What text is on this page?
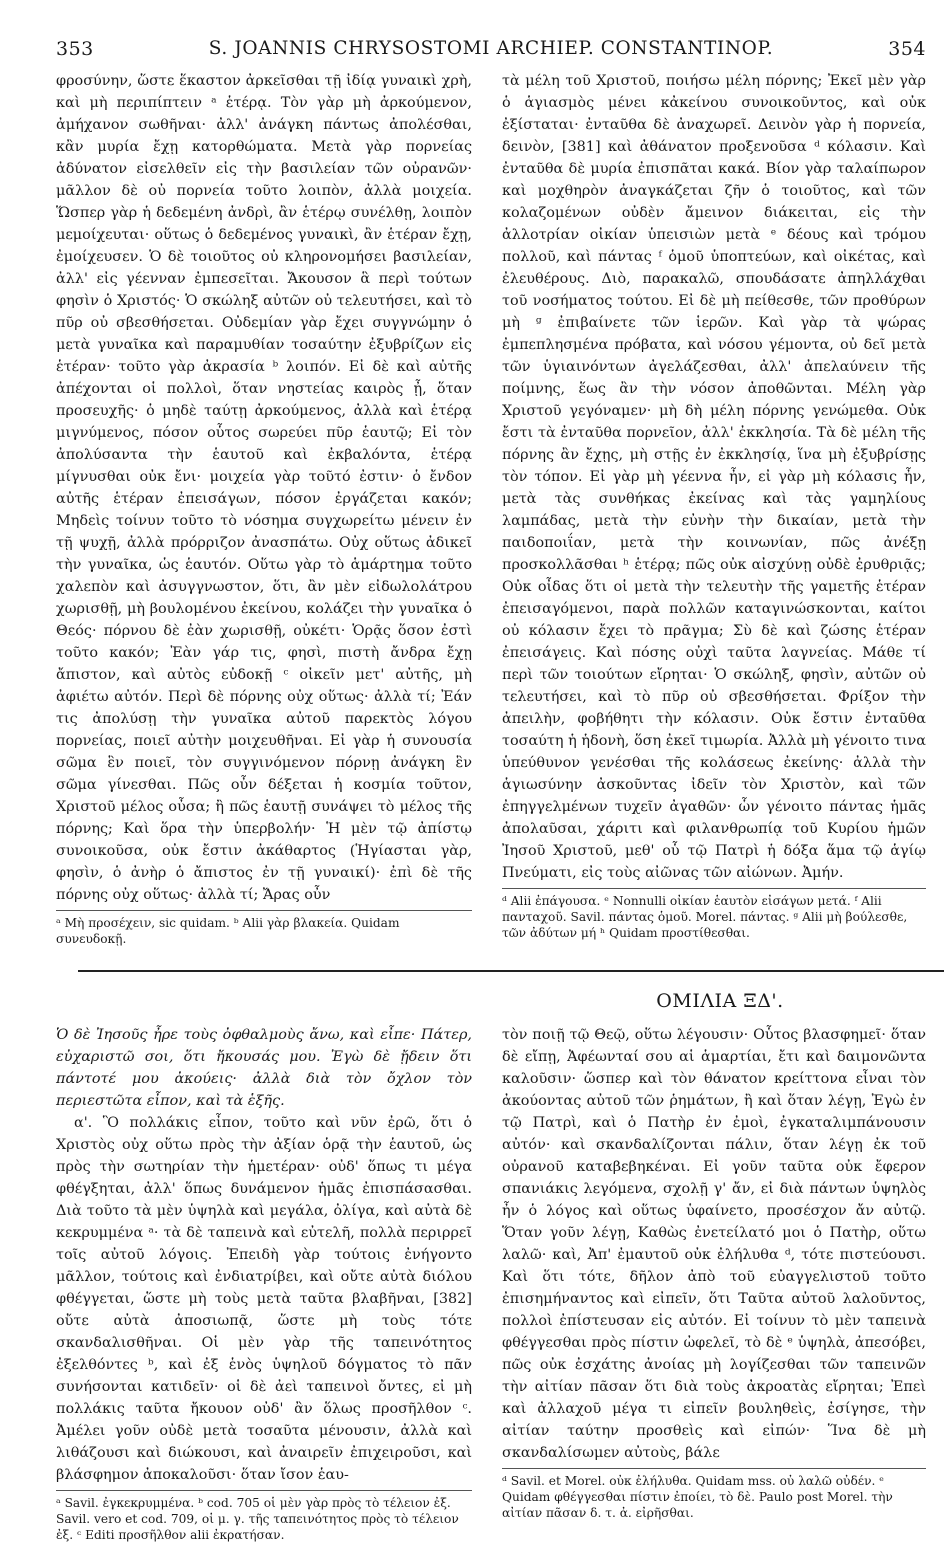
353	S. JOANNIS CHRYSOSTOMI ARCHIEP. CONSTANTINOP.	354

φροσύνην, ὥστε ἕκαστον ἀρκεῖσθαι τῇ ἰδίᾳ γυναικὶ χρὴ, καὶ μὴ περιπίπτειν ᵃ ἑτέρᾳ. Τὸν γὰρ μὴ ἀρκούμενον, ἀμήχανον σωθῆναι· ἀλλ' ἀνάγκη πάντως ἀπολέσθαι, κἂν μυρία ἔχῃ κατορθώματα. Μετὰ γὰρ πορνείας ἀδύνατον εἰσελθεῖν εἰς τὴν βασιλείαν τῶν οὐρανῶν· μᾶλλον δὲ οὐ πορνεία τοῦτο λοιπὸν, ἀλλὰ μοιχεία. Ὥσπερ γὰρ ἡ δεδεμένη ἀνδρὶ, ἂν ἑτέρῳ συνέλθῃ, λοιπὸν μεμοίχευται· οὕτως ὁ δεδεμένος γυναικὶ, ἂν ἑτέραν ἔχῃ, ἐμοίχευσεν. Ὁ δὲ τοιοῦτος οὐ κληρονομήσει βασιλείαν, ἀλλ' εἰς γέενναν ἐμπεσεῖται. Ἄκουσον ἃ περὶ τούτων φησὶν ὁ Χριστός· Ὁ σκώληξ αὐτῶν οὐ τελευτήσει, καὶ τὸ πῦρ οὐ σβεσθήσεται. Οὐδεμίαν γὰρ ἔχει συγγνώμην ὁ μετὰ γυναῖκα καὶ παραμυθίαν τοσαύτην ἐξυβρίζων εἰς ἑτέραν· τοῦτο γὰρ ἀκρασία ᵇ λοιπόν. Εἰ δὲ καὶ αὐτῆς ἀπέχονται οἱ πολλοὶ, ὅταν νηστείας καιρὸς ᾖ, ὅταν προσευχῆς· ὁ μηδὲ ταύτῃ ἀρκούμενος, ἀλλὰ καὶ ἑτέρᾳ μιγνύμενος, πόσον οὗτος σωρεύει πῦρ ἑαυτῷ; Εἰ τὸν ἀπολύσαντα τὴν ἑαυτοῦ καὶ ἐκβαλόντα, ἑτέρᾳ μίγνυσθαι οὐκ ἔνι· μοιχεία γὰρ τοῦτό ἐστιν· ὁ ἔνδον αὐτῆς ἑτέραν ἐπεισάγων, πόσον ἐργάζεται κακόν; Μηδεὶς τοίνυν τοῦτο τὸ νόσημα συγχωρείτω μένειν ἐν τῇ ψυχῇ, ἀλλὰ πρόρριζον ἀνασπάτω. Οὐχ οὕτως ἀδικεῖ τὴν γυναῖκα, ὡς ἑαυτόν. Οὕτω γὰρ τὸ ἁμάρτημα τοῦτο χαλεπὸν καὶ ἀσυγγνωστον, ὅτι, ἂν μὲν εἰδωλολάτρου χωρισθῇ, μὴ βουλομένου ἐκείνου, κολάζει τὴν γυναῖκα ὁ Θεός· πόρνου δὲ ἐὰν χωρισθῇ, οὐκέτι· Ὁρᾷς ὅσον ἐστὶ τοῦτο κακόν; Ἐὰν γάρ τις, φησὶ, πιστὴ ἄνδρα ἔχῃ ἄπιστον, καὶ αὐτὸς εὐδοκῇ ᶜ οἰκεῖν μετ' αὐτῆς, μὴ ἀφιέτω αὐτόν. Περὶ δὲ πόρνης οὐχ οὕτως· ἀλλὰ τί; Ἐάν τις ἀπολύσῃ τὴν γυναῖκα αὐτοῦ παρεκτὸς λόγου πορνείας, ποιεῖ αὐτὴν μοιχευθῆναι. Εἰ γὰρ ἡ συνουσία σῶμα ἓν ποιεῖ, τὸν συγγινόμενον πόρνῃ ἀνάγκη ἓν σῶμα γίνεσθαι. Πῶς οὖν δέξεται ἡ κοσμία τοῦτον, Χριστοῦ μέλος οὖσα; ἢ πῶς ἑαυτῇ συνάψει τὸ μέλος τῆς πόρνης; Καὶ ὅρα τὴν ὑπερβολήν· Ἡ μὲν τῷ ἀπίστῳ συνοικοῦσα, οὐκ ἔστιν ἀκάθαρτος (Ἡγίασται γὰρ, φησὶν, ὁ ἀνὴρ ὁ ἄπιστος ἐν τῇ γυναικί)· ἐπὶ δὲ τῆς πόρνης οὐχ οὕτως· ἀλλὰ τί; Ἄρας οὖν

ᵃ Μὴ προσέχειν, sic quidam. ᵇ Alii γὰρ βλακεία. Quidam συνευδοκῇ.

τὰ μέλη τοῦ Χριστοῦ, ποιήσω μέλη πόρνης; Ἐκεῖ μὲν γὰρ ὁ ἁγιασμὸς μένει κἀκείνου συνοικοῦντος, καὶ οὐκ ἐξίσταται· ἐνταῦθα δὲ ἀναχωρεῖ. Δεινὸν γὰρ ἡ πορνεία, δεινὸν, [381] καὶ ἀθάνατον προξενοῦσα ᵈ κόλασιν. Καὶ ἐνταῦθα δὲ μυρία ἐπισπᾶται κακά. Βίον γὰρ ταλαίπωρον καὶ μοχθηρὸν ἀναγκάζεται ζῆν ὁ τοιοῦτος, καὶ τῶν κολαζομένων οὐδὲν ἄμεινον διάκειται, εἰς τὴν ἀλλοτρίαν οἰκίαν ὑπεισιὼν μετὰ ᵉ δέους καὶ τρόμου πολλοῦ, καὶ πάντας ᶠ ὁμοῦ ὑποπτεύων, καὶ οἰκέτας, καὶ ἐλευθέρους. Διὸ, παρακαλῶ, σπουδάσατε ἀπηλλάχθαι τοῦ νοσήματος τούτου. Εἰ δὲ μὴ πείθεσθε, τῶν προθύρων μὴ ᵍ ἐπιβαίνετε τῶν ἱερῶν. Καὶ γὰρ τὰ ψώρας ἐμπεπλησμένα πρόβατα, καὶ νόσου γέμοντα, οὐ δεῖ μετὰ τῶν ὑγιαινόντων ἀγελάζεσθαι, ἀλλ' ἀπελαύνειν τῆς ποίμνης, ἕως ἂν τὴν νόσον ἀποθῶνται. Μέλη γὰρ Χριστοῦ γεγόναμεν· μὴ δὴ μέλη πόρνης γενώμεθα. Οὐκ ἔστι τὰ ἐνταῦθα πορνεῖον, ἀλλ' ἐκκλησία. Τὰ δὲ μέλη τῆς πόρνης ἂν ἔχῃς, μὴ στῇς ἐν ἐκκλησίᾳ, ἵνα μὴ ἐξυβρίσῃς τὸν τόπον. Εἰ γὰρ μὴ γέεννα ἦν, εἰ γὰρ μὴ κόλασις ἦν, μετὰ τὰς συνθήκας ἐκείνας καὶ τὰς γαμηλίους λαμπάδας, μετὰ τὴν εὐνὴν τὴν δικαίαν, μετὰ τὴν παιδοποιΐαν, μετὰ τὴν κοινωνίαν, πῶς ἀνέξῃ προσκολλᾶσθαι ʰ ἑτέρᾳ; πῶς οὐκ αἰσχύνῃ οὐδὲ ἐρυθριᾷς; Οὐκ οἶδας ὅτι οἱ μετὰ τὴν τελευτὴν τῆς γαμετῆς ἑτέραν ἐπεισαγόμενοι, παρὰ πολλῶν καταγινώσκονται, καίτοι οὐ κόλασιν ἔχει τὸ πρᾶγμα; Σὺ δὲ καὶ ζώσης ἑτέραν ἐπεισάγεις. Καὶ πόσης οὐχὶ ταῦτα λαγνείας. Μάθε τί περὶ τῶν τοιούτων εἴρηται· Ὁ σκώληξ, φησὶν, αὐτῶν οὐ τελευτήσει, καὶ τὸ πῦρ οὐ σβεσθήσεται. Φρίξον τὴν ἀπειλὴν, φοβήθητι τὴν κόλασιν. Οὐκ ἔστιν ἐνταῦθα τοσαύτη ἡ ἡδονὴ, ὅση ἐκεῖ τιμωρία. Ἀλλὰ μὴ γένοιτο τινα ὑπεύθυνον γενέσθαι τῆς κολάσεως ἐκείνης· ἀλλὰ τὴν ἁγιωσύνην ἀσκοῦντας ἰδεῖν τὸν Χριστὸν, καὶ τῶν ἐπηγγελμένων τυχεῖν ἀγαθῶν· ὧν γένοιτο πάντας ἡμᾶς ἀπολαῦσαι, χάριτι καὶ φιλανθρωπίᾳ τοῦ Κυρίου ἡμῶν Ἰησοῦ Χριστοῦ, μεθ' οὗ τῷ Πατρὶ ἡ δόξα ἅμα τῷ ἁγίῳ Πνεύματι, εἰς τοὺς αἰῶνας τῶν αἰώνων. Ἀμήν.

ᵈ Alii ἐπάγουσα. ᵉ Nonnulli οἰκίαν ἑαυτὸν εἰσάγων μετά. ᶠ Alii πανταχοῦ. Savil. πάντας ὁμοῦ. Morel. πάντας. ᵍ Alii μὴ βούλεσθε, τῶν ἀδύτων μή ʰ Quidam προστίθεσθαι.

ΟΜΙΛΙΑ ΞΔ'.

Ὁ δὲ Ἰησοῦς ἦρε τοὺς ὀφθαλμοὺς ἄνω, καὶ εἶπε· Πάτερ, εὐχαριστῶ σοι, ὅτι ἤκουσάς μου. Ἐγὼ δὲ ᾔδειν ὅτι πάντοτέ μου ἀκούεις· ἀλλὰ διὰ τὸν ὄχλον τὸν περιεστῶτα εἶπον, καὶ τὰ ἑξῆς.

α'. Ὃ πολλάκις εἶπον, τοῦτο καὶ νῦν ἐρῶ, ὅτι ὁ Χριστὸς οὐχ οὕτω πρὸς τὴν ἀξίαν ὁρᾷ τὴν ἑαυτοῦ, ὡς πρὸς τὴν σωτηρίαν τὴν ἡμετέραν· οὐδ' ὅπως τι μέγα φθέγξηται, ἀλλ' ὅπως δυνάμενον ἡμᾶς ἐπισπάσασθαι. Διὰ τοῦτο τὰ μὲν ὑψηλὰ καὶ μεγάλα, ὀλίγα, καὶ αὐτὰ δὲ κεκρυμμένα ᵃ· τὰ δὲ ταπεινὰ καὶ εὐτελῆ, πολλὰ περιρρεῖ τοῖς αὐτοῦ λόγοις. Ἐπειδὴ γὰρ τούτοις ἐνήγοντο μᾶλλον, τούτοις καὶ ἐνδιατρίβει, καὶ οὔτε αὐτὰ διόλου φθέγγεται, ὥστε μὴ τοὺς μετὰ ταῦτα βλαβῆναι, [382] οὔτε αὐτὰ ἀποσιωπᾷ, ὥστε μὴ τοὺς τότε σκανδαλισθῆναι. Οἱ μὲν γὰρ τῆς ταπεινότητος ἐξελθόντες ᵇ, καὶ ἐξ ἑνὸς ὑψηλοῦ δόγματος τὸ πᾶν συνήσονται κατιδεῖν· οἱ δὲ ἀεὶ ταπεινοὶ ὄντες, εἰ μὴ πολλάκις ταῦτα ἤκουον οὐδ' ἂν ὅλως προσῆλθον ᶜ. Ἀμέλει γοῦν οὐδὲ μετὰ τοσαῦτα μένουσιν, ἀλλὰ καὶ λιθάζουσι καὶ διώκουσι, καὶ ἀναιρεῖν ἐπιχειροῦσι, καὶ βλάσφημον ἀποκαλοῦσι· ὅταν ἴσον ἑαυ-

ᵃ Savil. ἐγκεκρυμμένα. ᵇ cod. 705 οἱ μὲν γὰρ πρὸς τὸ τέλειον ἐξ. Savil. vero et cod. 709, οἱ μ. γ. τῆς ταπεινότητος πρὸς τὸ τέλειον ἐξ. ᶜ Editi προσῆλθον alii ἐκρατήσαν.

τὸν ποιῇ τῷ Θεῷ, οὕτω λέγουσιν· Οὗτος βλασφημεῖ· ὅταν δὲ εἴπῃ, Ἀφέωνταί σου αἱ ἁμαρτίαι, ἔτι καὶ δαιμονῶντα καλοῦσιν· ὥσπερ καὶ τὸν θάνατον κρείττονα εἶναι τὸν ἀκούοντας αὐτοῦ τῶν ῥημάτων, ἢ καὶ ὅταν λέγῃ, Ἐγὼ ἐν τῷ Πατρὶ, καὶ ὁ Πατὴρ ἐν ἐμοὶ, ἐγκαταλιμπάνουσιν αὐτόν· καὶ σκανδαλίζονται πάλιν, ὅταν λέγῃ ἐκ τοῦ οὐρανοῦ καταβεβηκέναι. Εἰ γοῦν ταῦτα οὐκ ἔφερον σπανιάκις λεγόμενα, σχολῇ γ' ἄν, εἰ διὰ πάντων ὑψηλὸς ἦν ὁ λόγος καὶ οὕτως ὑφαίνετο, προσέσχον ἄν αὐτῷ. Ὅταν γοῦν λέγῃ, Καθὼς ἐνετείλατό μοι ὁ Πατὴρ, οὕτω λαλῶ· καὶ, Ἀπ' ἐμαυτοῦ οὐκ ἐλήλυθα ᵈ, τότε πιστεύουσι. Καὶ ὅτι τότε, δῆλον ἀπὸ τοῦ εὐαγγελιστοῦ τοῦτο ἐπισημήναντος καὶ εἰπεῖν, ὅτι Ταῦτα αὐτοῦ λαλοῦντος, πολλοὶ ἐπίστευσαν εἰς αὐτόν. Εἰ τοίνυν τὸ μὲν ταπεινὰ φθέγγεσθαι πρὸς πίστιν ὠφελεῖ, τὸ δὲ ᵉ ὑψηλὰ, ἀπεσόβει, πῶς οὐκ ἐσχάτης ἀνοίας μὴ λογίζεσθαι τῶν ταπεινῶν τὴν αἰτίαν πᾶσαν ὅτι διὰ τοὺς ἀκροατὰς εἴρηται; Ἐπεὶ καὶ ἀλλαχοῦ μέγα τι εἰπεῖν βουληθεὶς, ἐσίγησε, τὴν αἰτίαν ταύτην προσθεὶς καὶ εἰπών· Ἵνα δὲ μὴ σκανδαλίσωμεν αὐτοὺς, βάλε

ᵈ Savil. et Morel. οὐκ ἐλήλυθα. Quidam mss. οὐ λαλῶ οὐδέν. ᵉ Quidam φθέγγεσθαι πίστιν ἐποίει, τὸ δὲ. Paulo post Morel. τὴν αἰτίαν πᾶσαν δ. τ. ἀ. εἰρῆσθαι.
